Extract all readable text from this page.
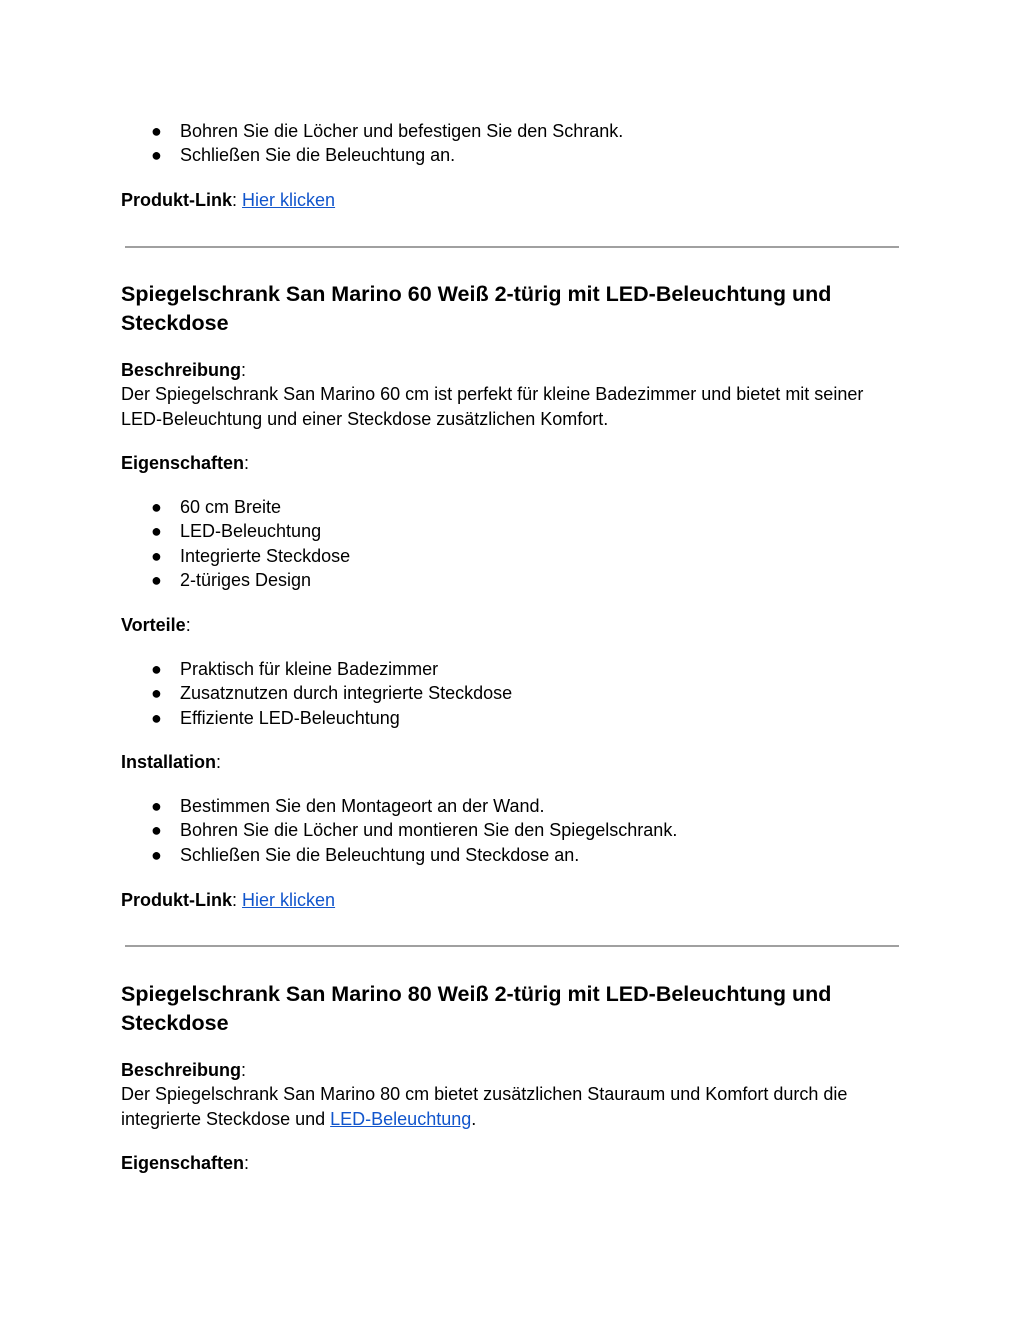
● Bohren Sie die Löcher und befestigen Sie den Schrank.
● Schließen Sie die Beleuchtung an.

Produkt-Link: Hier klicken

Spiegelschrank San Marino 60 Weiß 2-türig mit LED-Beleuchtung und Steckdose

Beschreibung:

Der Spiegelschrank San Marino 60 cm ist perfekt für kleine Badezimmer und bietet mit seiner LED-Beleuchtung und einer Steckdose zusätzlichen Komfort.

Eigenschaften:

● 60 cm Breite
● LED-Beleuchtung
● Integrierte Steckdose
● 2-türiges Design

Vorteile:

● Praktisch für kleine Badezimmer
● Zusatznutzen durch integrierte Steckdose
● Effiziente LED-Beleuchtung

Installation:

● Bestimmen Sie den Montageort an der Wand.
● Bohren Sie die Löcher und montieren Sie den Spiegelschrank.
● Schließen Sie die Beleuchtung und Steckdose an.

Produkt-Link: Hier klicken

Spiegelschrank San Marino 80 Weiß 2-türig mit LED-Beleuchtung und Steckdose

Beschreibung:

Der Spiegelschrank San Marino 80 cm bietet zusätzlichen Stauraum und Komfort durch die integrierte Steckdose und LED-Beleuchtung.

Eigenschaften:
